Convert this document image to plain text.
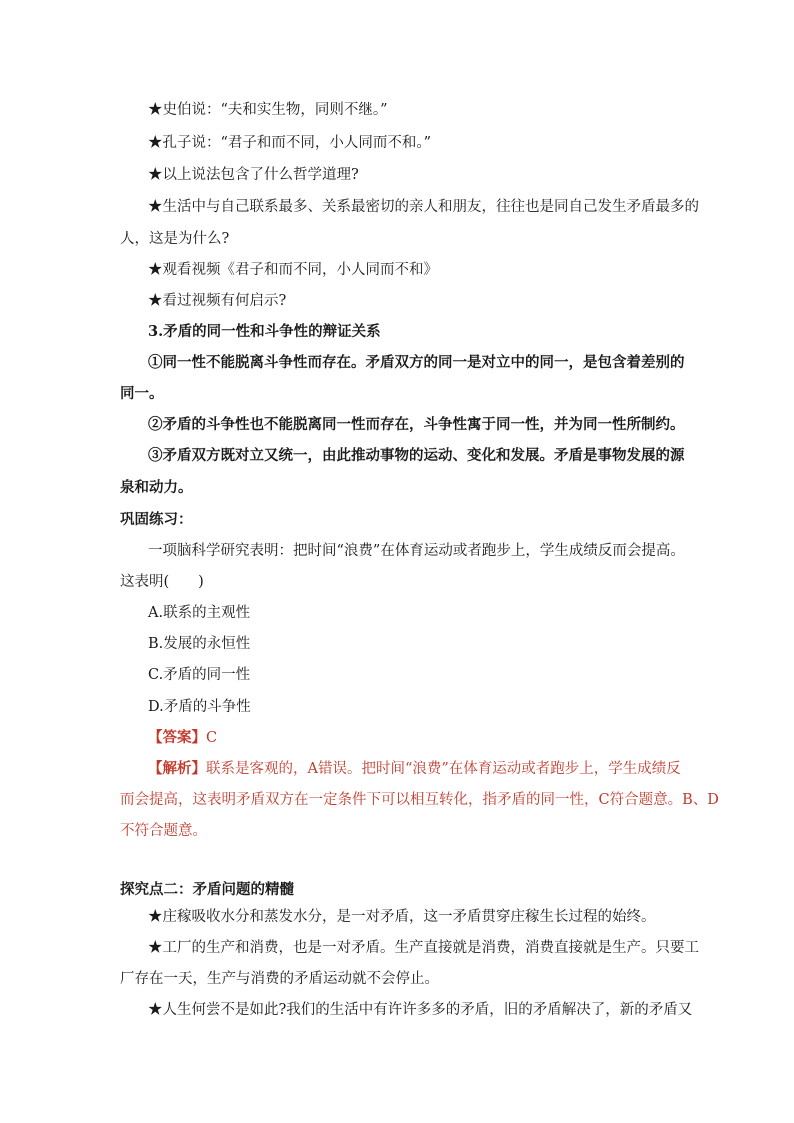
★史伯说：“夫和实生物，同则不继。”
★孔子说：“君子和而不同，小人同而不和。”
★以上说法包含了什么哲学道理?
★生活中与自己联系最多、关系最密切的亲人和朋友，往往也是同自己发生矛盾最多的
人，这是为什么?
★观看视频《君子和而不同，小人同而不和》
★看过视频有何启示?
3.矛盾的同一性和斗争性的辩证关系
①同一性不能脱离斗争性而存在。矛盾双方的同一是对立中的同一，是包含着差别的
同一。
②矛盾的斗争性也不能脱离同一性而存在，斗争性寓于同一性，并为同一性所制约。
③矛盾双方既对立又统一，由此推动事物的运动、变化和发展。矛盾是事物发展的源
泉和动力。
巩固练习：
一项脑科学研究表明：把时间“浪费”在体育运动或者跑步上，学生成绩反而会提高。
这表明(　　)
A.联系的主观性
B.发展的永恒性
C.矛盾的同一性
D.矛盾的斗争性
【答案】C
【解析】联系是客观的，A错误。把时间“浪费”在体育运动或者跑步上，学生成绩反
而会提高，这表明矛盾双方在一定条件下可以相互转化，指矛盾的同一性，C符合题意。B、D
不符合题意。
探究点二：矛盾问题的精髓
★庄稼吸收水分和蒸发水分，是一对矛盾，这一矛盾贯穿庄稼生长过程的始终。
★工厂的生产和消费，也是一对矛盾。生产直接就是消费，消费直接就是生产。只要工
厂存在一天，生产与消费的矛盾运动就不会停止。
★人生何尝不是如此?我们的生活中有许许多多的矛盾，旧的矛盾解决了，新的矛盾又
